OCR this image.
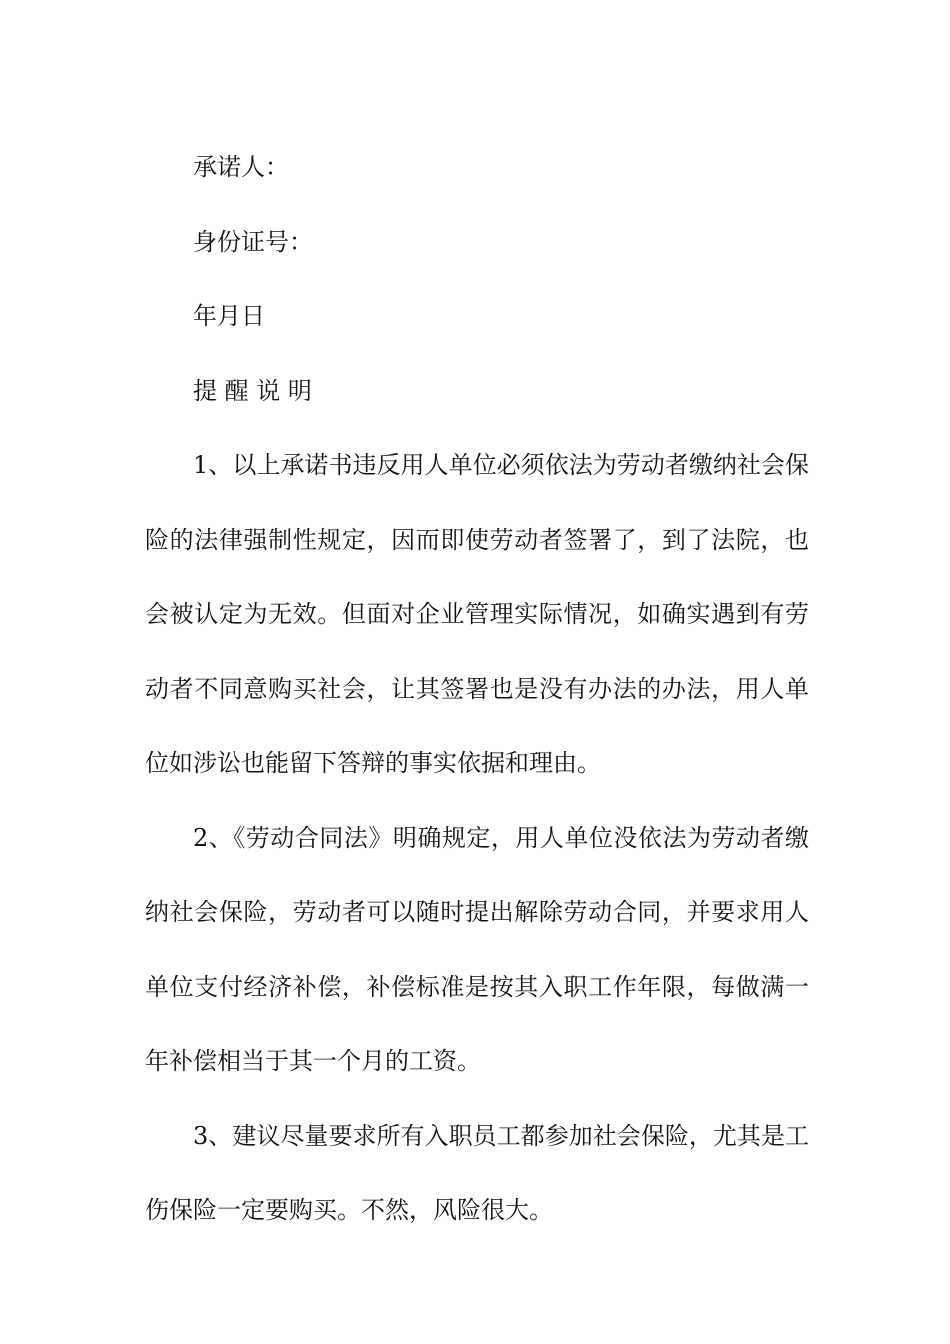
承诺人：

身份证号：

年月日

提 醒 说 明

1、以上承诺书违反用人单位必须依法为劳动者缴纳社会保险的法律强制性规定，因而即使劳动者签署了，到了法院，也会被认定为无效。但面对企业管理实际情况，如确实遇到有劳动者不同意购买社会，让其签署也是没有办法的办法，用人单位如涉讼也能留下答辩的事实依据和理由。

2、《劳动合同法》明确规定，用人单位没依法为劳动者缴纳社会保险，劳动者可以随时提出解除劳动合同，并要求用人单位支付经济补偿，补偿标准是按其入职工作年限，每做满一年补偿相当于其一个月的工资。

3、建议尽量要求所有入职员工都参加社会保险，尤其是工伤保险一定要购买。不然，风险很大。
